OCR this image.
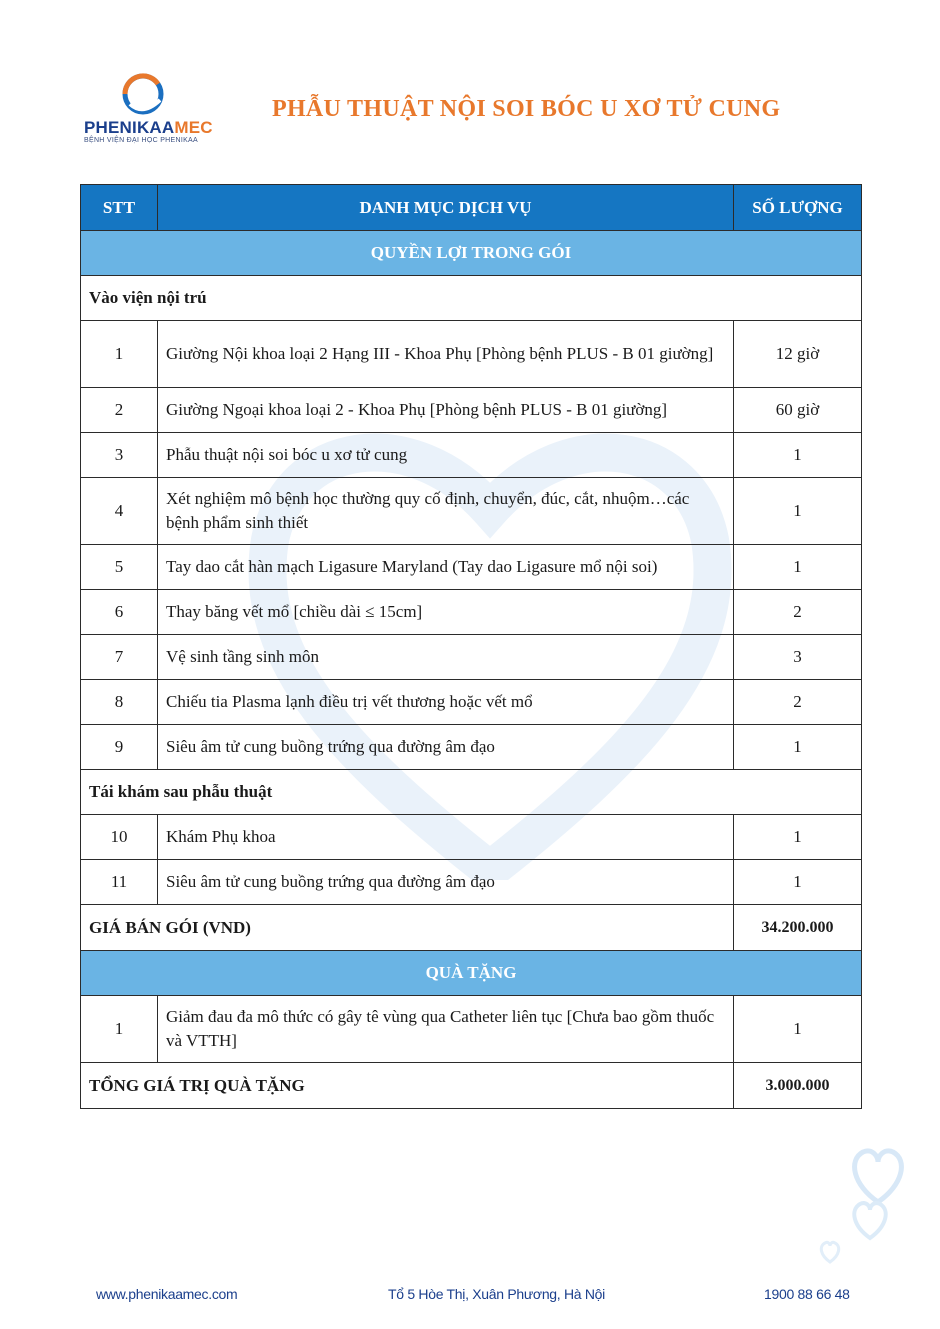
PHENIKAAMEC
BỆNH VIỆN ĐẠI HỌC PHENIKAA
PHẪU THUẬT NỘI SOI BÓC U XƠ TỬ CUNG
STT	DANH MỤC DỊCH VỤ	SỐ LƯỢNG
QUYỀN LỢI TRONG GÓI		
Vào viện nội trú		
1	Giường Nội khoa loại 2 Hạng III - Khoa Phụ [Phòng bệnh PLUS - B 01 giường]	12 giờ
2	Giường Ngoại khoa loại 2 - Khoa Phụ [Phòng bệnh PLUS - B 01 giường]	60 giờ
3	Phẫu thuật nội soi bóc u xơ tử cung	1
4	Xét nghiệm mô bệnh học thường quy cố định, chuyển, đúc, cắt, nhuộm…các bệnh phẩm sinh thiết	1
5	Tay dao cắt hàn mạch Ligasure Maryland (Tay dao Ligasure mổ nội soi)	1
6	Thay băng vết mổ [chiều dài ≤ 15cm]	2
7	Vệ sinh tầng sinh môn	3
8	Chiếu tia Plasma lạnh điều trị vết thương hoặc vết mổ	2
9	Siêu âm tử cung buồng trứng qua đường âm đạo	1
Tái khám sau phẫu thuật		
10	Khám Phụ khoa	1
11	Siêu âm tử cung buồng trứng qua đường âm đạo	1
GIÁ BÁN GÓI (VND)		34.200.000
QUÀ TẶNG		
1	Giảm đau đa mô thức có gây tê vùng qua Catheter liên tục [Chưa bao gồm thuốc và VTTH]	1
TỔNG GIÁ TRỊ QUÀ TẶNG		3.000.000
www.phenikaamec.com	Tổ 5 Hòe Thị, Xuân Phương, Hà Nội	1900 88 66 48
